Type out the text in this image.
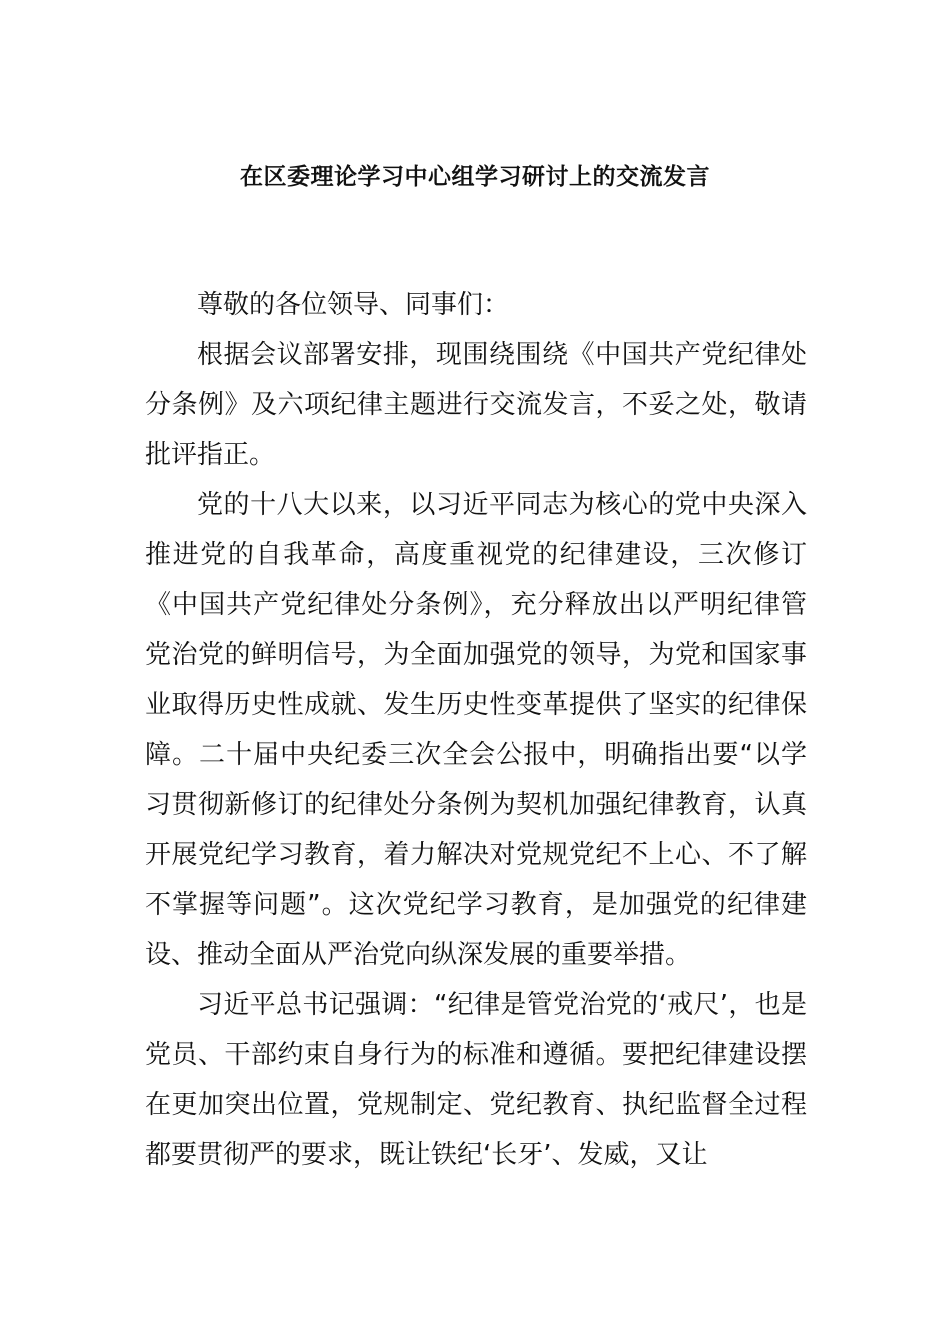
在区委理论学习中心组学习研讨上的交流发言

尊敬的各位领导、同事们：

根据会议部署安排，现围绕围绕《中国共产党纪律处分条例》及六项纪律主题进行交流发言，不妥之处，敬请批评指正。

党的十八大以来，以习近平同志为核心的党中央深入推进党的自我革命，高度重视党的纪律建设，三次修订《中国共产党纪律处分条例》，充分释放出以严明纪律管党治党的鲜明信号，为全面加强党的领导，为党和国家事业取得历史性成就、发生历史性变革提供了坚实的纪律保障。二十届中央纪委三次全会公报中，明确指出要“以学习贯彻新修订的纪律处分条例为契机加强纪律教育，认真开展党纪学习教育，着力解决对党规党纪不上心、不了解不掌握等问题”。这次党纪学习教育，是加强党的纪律建设、推动全面从严治党向纵深发展的重要举措。

习近平总书记强调：“纪律是管党治党的‘戒尺’，也是党员、干部约束自身行为的标准和遵循。要把纪律建设摆在更加突出位置，党规制定、党纪教育、执纪监督全过程都要贯彻严的要求，既让铁纪‘长牙’、发威，又让
